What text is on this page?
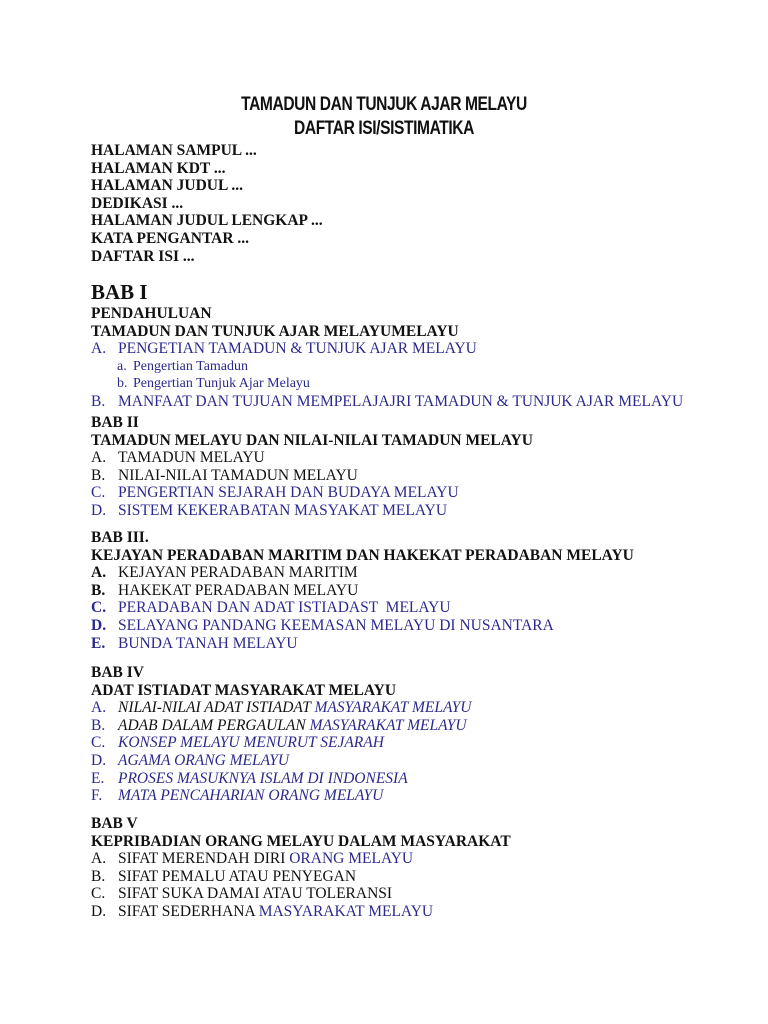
TAMADUN DAN TUNJUK AJAR MELAYU
DAFTAR ISI/SISTIMATIKA
HALAMAN SAMPUL ...
HALAMAN KDT ...
HALAMAN JUDUL ...
DEDIKASI ...
HALAMAN JUDUL LENGKAP ...
KATA PENGANTAR ...
DAFTAR ISI ...
BAB I
PENDAHULUAN
TAMADUN DAN TUNJUK AJAR MELAYUMELAYU
A. PENGETIAN TAMADUN & TUNJUK AJAR MELAYU
a. Pengertian Tamadun
b. Pengertian Tunjuk Ajar Melayu
B. MANFAAT DAN TUJUAN MEMPELAJAJRI TAMADUN & TUNJUK AJAR MELAYU
BAB II
TAMADUN MELAYU DAN NILAI-NILAI TAMADUN MELAYU
A. TAMADUN MELAYU
B. NILAI-NILAI TAMADUN MELAYU
C. PENGERTIAN SEJARAH DAN BUDAYA MELAYU
D. SISTEM KEKERABATAN MASYAKAT MELAYU
BAB III.
KEJAYAN PERADABAN MARITIM DAN HAKEKAT PERADABAN MELAYU
A. KEJAYAN PERADABAN MARITIM
B. HAKEKAT PERADABAN MELAYU
C. PERADABAN DAN ADAT ISTIADAST  MELAYU
D. SELAYANG PANDANG KEEMASAN MELAYU DI NUSANTARA
E. BUNDA TANAH MELAYU
BAB IV
ADAT ISTIADAT MASYARAKAT MELAYU
A. NILAI-NILAI ADAT ISTIADAT MASYARAKAT MELAYU
B. ADAB DALAM PERGAULAN MASYARAKAT MELAYU
C. KONSEP MELAYU MENURUT SEJARAH
D. AGAMA ORANG MELAYU
E. PROSES MASUKNYA ISLAM DI INDONESIA
F.	MATA PENCAHARIAN ORANG MELAYU
BAB V
KEPRIBADIAN ORANG MELAYU DALAM MASYARAKAT
A. SIFAT MERENDAH DIRI ORANG MELAYU
B. SIFAT PEMALU ATAU PENYEGAN
C. SIFAT SUKA DAMAI ATAU TOLERANSI
D. SIFAT SEDERHANA MASYARAKAT MELAYU
